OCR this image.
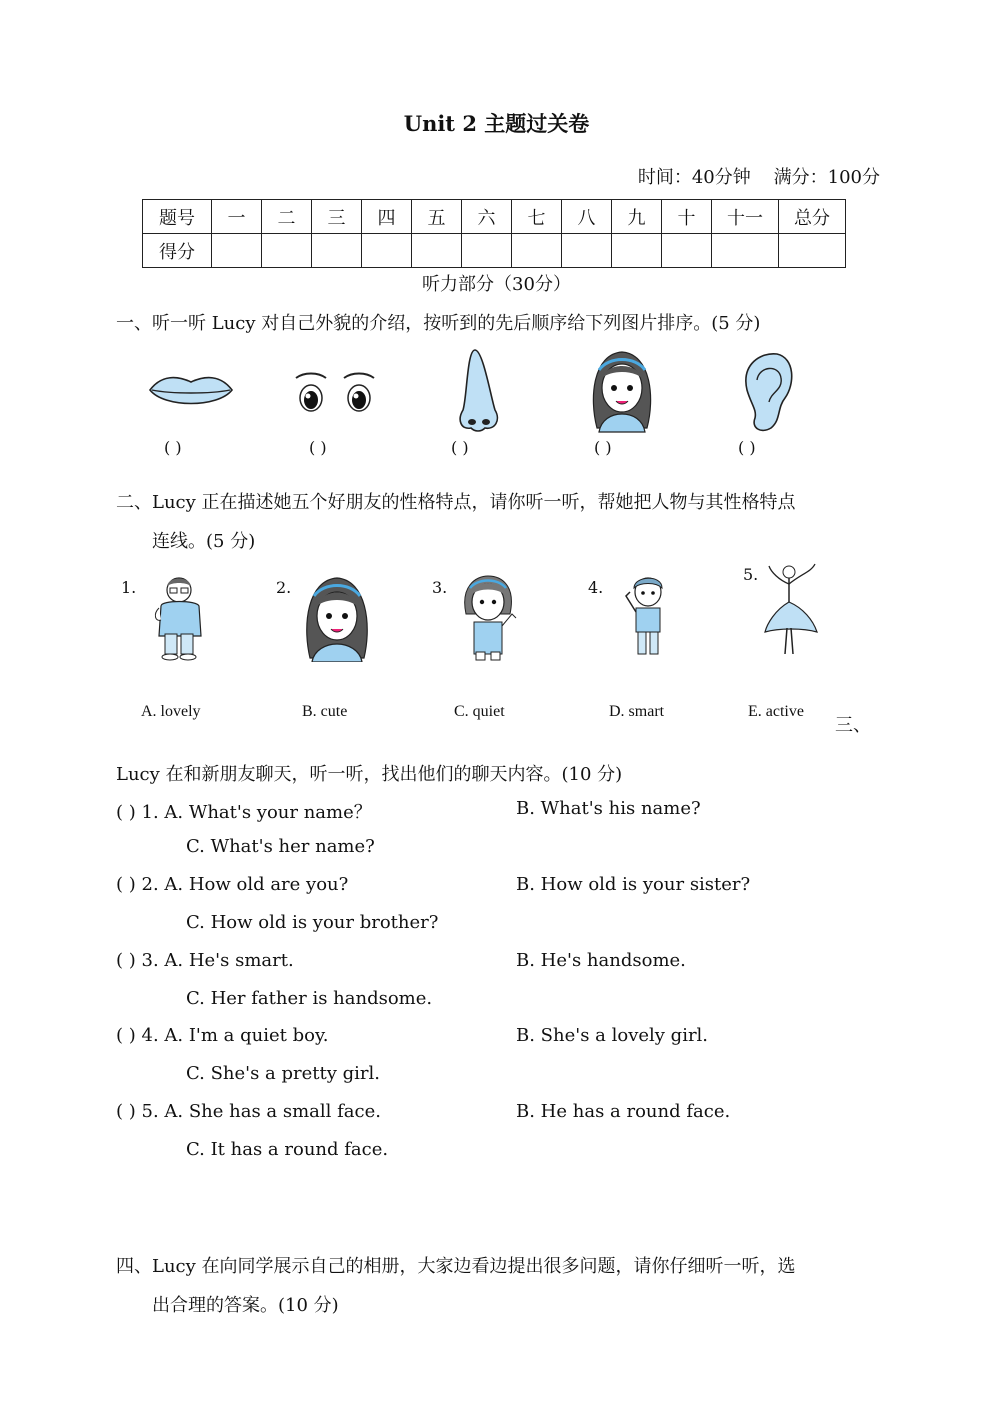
Unit 2 主题过关卷
时间：40分钟 满分：100分
题号	一	二	三	四	五	六	七	八	九	十	十一	总分
得分												
听力部分（30分）
一、听一听 Lucy 对自己外貌的介绍，按听到的先后顺序给下列图片排序。(5 分)
( )	( )	( )	( )	( )
二、Lucy 正在描述她五个好朋友的性格特点，请你听一听，帮她把人物与其性格特点
连线。(5 分)
1.	2.	3.	4.
5.
A. lovely	B. cute	C. quiet	D. smart	E. active
三、
Lucy 在和新朋友聊天，听一听，找出他们的聊天内容。(10 分)
( ) 1. A. What's your name？	B. What's his name?
C. What's her name?
( ) 2. A. How old are you?	B. How old is your sister?
C. How old is your brother?
( ) 3. A. He's smart.	B. He's handsome.
C. Her father is handsome.
( ) 4. A. I'm a quiet boy.	B. She's a lovely girl.
C. She's a pretty girl.
( ) 5. A. She has a small face.	B. He has a round face.
C. It has a round face.
四、Lucy 在向同学展示自己的相册，大家边看边提出很多问题，请你仔细听一听，选
出合理的答案。(10 分)
